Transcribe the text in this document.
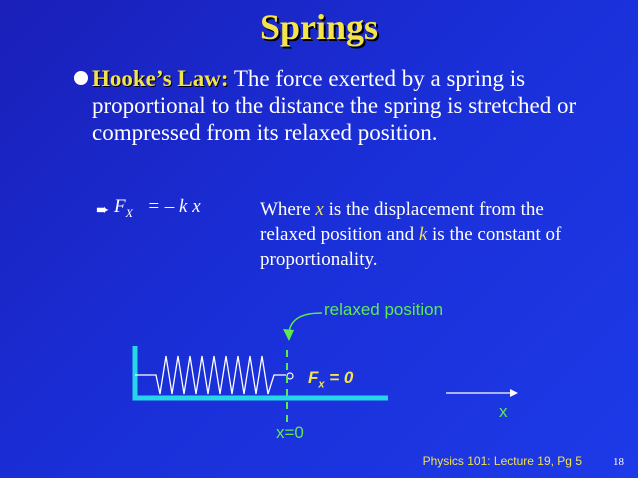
Springs
Hooke’s Law: The force exerted by a spring is proportional to the distance the spring is stretched or compressed from its relaxed position.
➨ $F_X$   = – k x	Where x is the displacement from the relaxed position and k is the constant of proportionality.
relaxed position
$F_x = 0$
x
x=0
Physics 101: Lecture 19, Pg 5	18
